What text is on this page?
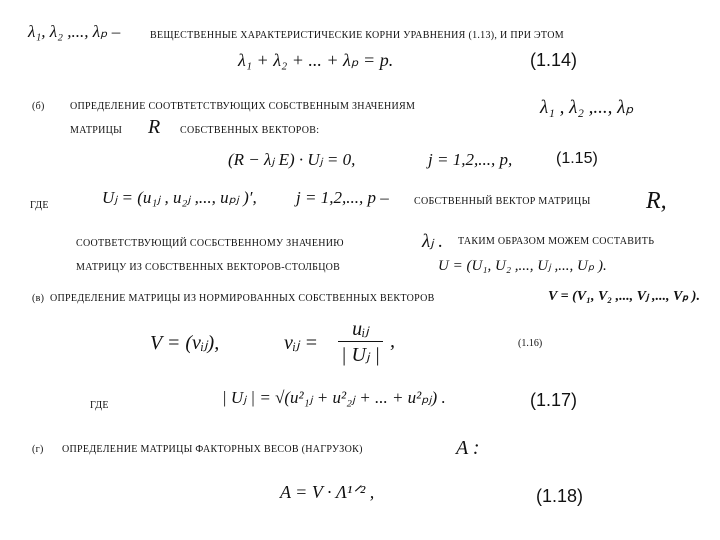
λ₁, λ₂ ,..., λₚ –	ВЕЩЕСТВЕННЫЕ ХАРАКТЕРИСТИЧЕСКИЕ КОРНИ УРАВНЕНИЯ (1.13), И ПРИ ЭТОМ
λ₁ + λ₂ + ... + λₚ = p.	(1.14)
(б)	ОПРЕДЕЛЕНИЕ СООТВТЕТСТВУЮЩИХ СОБСТВЕННЫМ ЗНАЧЕНИЯМ	λ₁ , λ₂ ,..., λₚ
МАТРИЦЫ R СОБСТВЕННЫХ ВЕКТОРОВ:
(R − λⱼ E) · Uⱼ = 0,	j = 1,2,..., p,	(1.15)
ГДЕ	Uⱼ = (u₁ⱼ , u₂ⱼ ,..., uₚⱼ )′, j = 1,2,..., p –	СОБСТВЕННЫЙ ВЕКТОР МАТРИЦЫ R,
СООТВЕТСТВУЮЩИЙ СОСБСТВЕННОМУ ЗНАЧЕНИЮ	λⱼ . ТАКИМ ОБРАЗОМ МОЖЕМ СОСТАВИТЬ
МАТРИЦУ ИЗ СОБСТВЕННЫХ ВЕКТОРОВ-СТОЛБЦОВ	U = (U₁, U₂ ,..., Uⱼ ,..., Uₚ ).
(в) ОПРЕДЕЛЕНИЕ МАТРИЦЫ ИЗ НОРМИРОВАННЫХ СОБСТВЕННЫХ ВЕКТОРОВ	V = (V₁, V₂ ,..., Vⱼ ,..., Vₚ ).
V = (vᵢⱼ),	vᵢⱼ =
uᵢⱼ
| Uⱼ |
,	(1.16)
ГДЕ	| Uⱼ | = √(u²₁ⱼ + u²₂ⱼ + ... + u²ₚⱼ) .	(1.17)
(г) ОПРЕДЕЛЕНИЕ МАТРИЦЫ ФАКТОРНЫХ ВЕСОВ (НАГРУЗОК)	A :
A = V · Λ¹ᐟ² ,	(1.18)
